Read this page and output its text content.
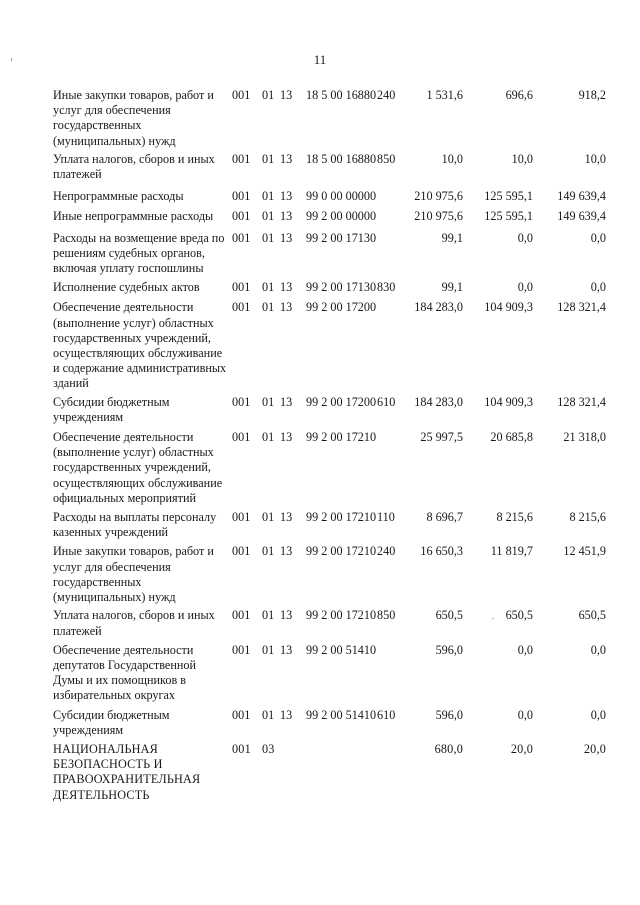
11
Иные закупки товаров, работ и услуг для обеспечения государственных (муниципальных) нужд
001 01 13 18 5 00 16880 240	1 531,6	696,6	918,2
Уплата налогов, сборов и иных платежей
001 01 13 18 5 00 16880 850	10,0	10,0	10,0
Непрограммные расходы	001 01 13 99 0 00 00000	210 975,6	125 595,1	149 639,4
Иные непрограммные расходы	001 01 13 99 2 00 00000	210 975,6	125 595,1	149 639,4
Расходы на возмещение вреда по решениям судебных органов, включая уплату госпошлины
001 01 13 99 2 00 17130	99,1	0,0	0,0
Исполнение судебных актов	001 01 13 99 2 00 17130 830	99,1	0,0	0,0
Обеспечение деятельности (выполнение услуг) областных государственных учреждений, осуществляющих обслуживание и содержание административных зданий
001 01 13 99 2 00 17200	184 283,0	104 909,3	128 321,4
Субсидии бюджетным учреждениям
001 01 13 99 2 00 17200 610	184 283,0	104 909,3	128 321,4
Обеспечение деятельности (выполнение услуг) областных государственных учреждений, осуществляющих обслуживание официальных мероприятий
001 01 13 99 2 00 17210	25 997,5	20 685,8	21 318,0
Расходы на выплаты персоналу казенных учреждений
001 01 13 99 2 00 17210 110	8 696,7	8 215,6	8 215,6
Иные закупки товаров, работ и услуг для обеспечения государственных (муниципальных) нужд
001 01 13 99 2 00 17210 240	16 650,3	11 819,7	12 451,9
Уплата налогов, сборов и иных платежей
001 01 13 99 2 00 17210 850	650,5	650,5	650,5
Обеспечение деятельности депутатов Государственной Думы и их помощников в избирательных округах
001 01 13 99 2 00 51410	596,0	0,0	0,0
Субсидии бюджетным учреждениям
001 01 13 99 2 00 51410 610	596,0	0,0	0,0
НАЦИОНАЛЬНАЯ БЕЗОПАСНОСТЬ И ПРАВООХРАНИТЕЛЬНАЯ ДЕЯТЕЛЬНОСТЬ
001 03	680,0	20,0	20,0
